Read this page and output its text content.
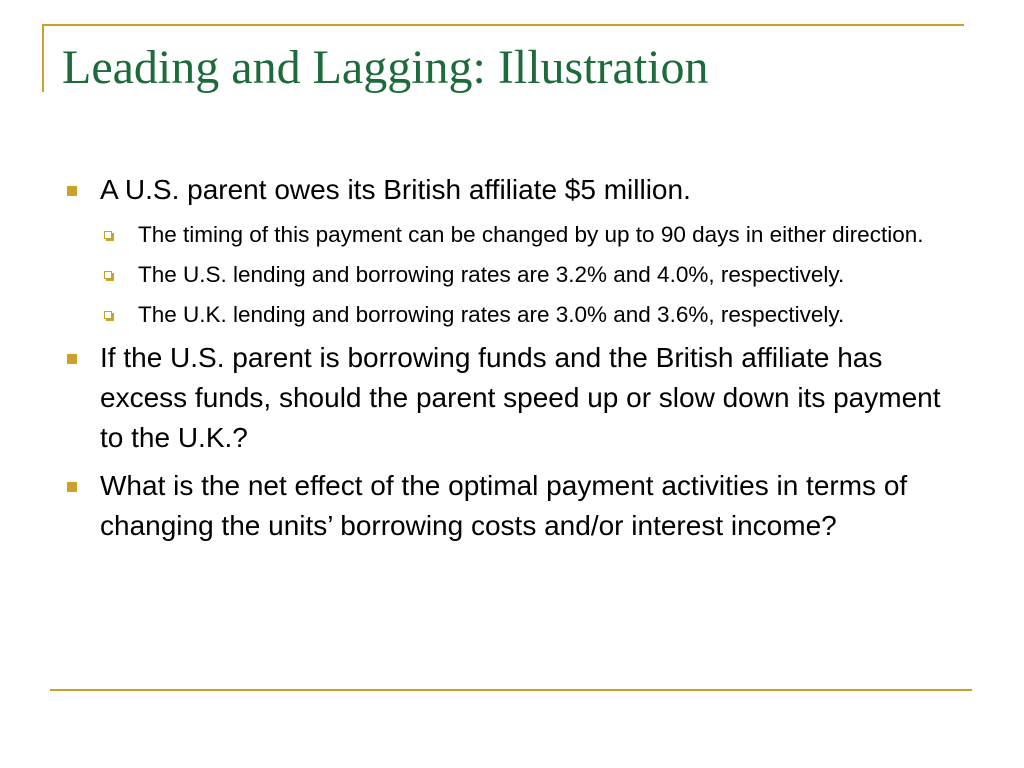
Leading and Lagging: Illustration
A U.S. parent owes its British affiliate $5 million.
The timing of this payment can be changed by up to 90 days in either direction.
The U.S. lending and borrowing rates are 3.2% and 4.0%, respectively.
The U.K. lending and borrowing rates are 3.0% and 3.6%, respectively.
If the U.S. parent is borrowing funds and the British affiliate has excess funds, should the parent speed up or slow down its payment to the U.K.?
What is the net effect of the optimal payment activities in terms of changing the units’ borrowing costs and/or interest income?
